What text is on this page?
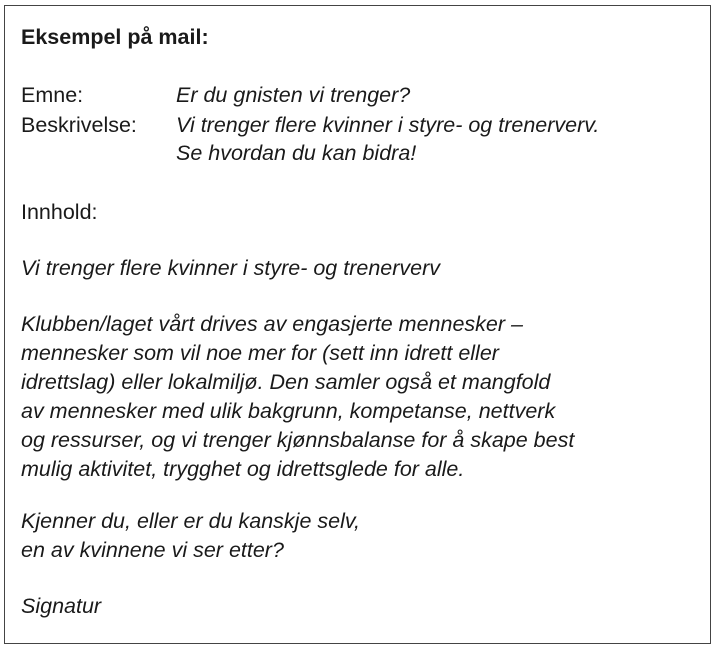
Eksempel på mail:
Emne:	Er du gnisten vi trenger?
Beskrivelse: Vi trenger flere kvinner i styre- og trenerverv.
Se hvordan du kan bidra!
Innhold:
Vi trenger flere kvinner i styre- og trenerverv
Klubben/laget vårt drives av engasjerte mennesker –
mennesker som vil noe mer for (sett inn idrett eller
idrettslag) eller lokalmiljø. Den samler også et mangfold
av mennesker med ulik bakgrunn, kompetanse, nettverk
og ressurser, og vi trenger kjønnsbalanse for å skape best
mulig aktivitet, trygghet og idrettsglede for alle.
Kjenner du, eller er du kanskje selv,
en av kvinnene vi ser etter?
Signatur
